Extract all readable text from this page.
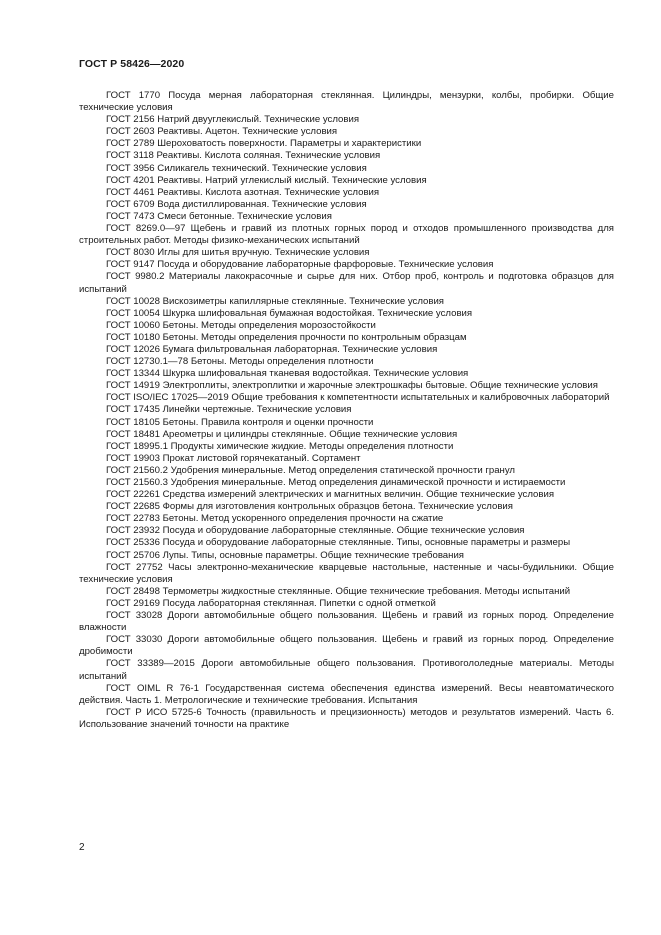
ГОСТ Р 58426—2020

ГОСТ 1770 Посуда мерная лабораторная стеклянная. Цилиндры, мензурки, колбы, пробирки. Общие технические условия

ГОСТ 2156 Натрий двууглекислый. Технические условия

ГОСТ 2603 Реактивы. Ацетон. Технические условия

ГОСТ 2789 Шероховатость поверхности. Параметры и характеристики

ГОСТ 3118 Реактивы. Кислота соляная. Технические условия

ГОСТ 3956 Силикагель технический. Технические условия

ГОСТ 4201 Реактивы. Натрий углекислый кислый. Технические условия

ГОСТ 4461 Реактивы. Кислота азотная. Технические условия

ГОСТ 6709 Вода дистиллированная. Технические условия

ГОСТ 7473 Смеси бетонные. Технические условия

ГОСТ 8269.0—97 Щебень и гравий из плотных горных пород и отходов промышленного производства для строительных работ. Методы физико-механических испытаний

ГОСТ 8030 Иглы для шитья вручную. Технические условия

ГОСТ 9147 Посуда и оборудование лабораторные фарфоровые. Технические условия

ГОСТ 9980.2 Материалы лакокрасочные и сырье для них. Отбор проб, контроль и подготовка образцов для испытаний

ГОСТ 10028 Вискозиметры капиллярные стеклянные. Технические условия

ГОСТ 10054 Шкурка шлифовальная бумажная водостойкая. Технические условия

ГОСТ 10060 Бетоны. Методы определения морозостойкости

ГОСТ 10180 Бетоны. Методы определения прочности по контрольным образцам

ГОСТ 12026 Бумага фильтровальная лабораторная. Технические условия

ГОСТ 12730.1—78 Бетоны. Методы определения плотности

ГОСТ 13344 Шкурка шлифовальная тканевая водостойкая. Технические условия

ГОСТ 14919 Электроплиты, электроплитки и жарочные электрошкафы бытовые. Общие технические условия

ГОСТ ISO/IEC 17025—2019 Общие требования к компетентности испытательных и калибровочных лабораторий

ГОСТ 17435 Линейки чертежные. Технические условия

ГОСТ 18105 Бетоны. Правила контроля и оценки прочности

ГОСТ 18481 Ареометры и цилиндры стеклянные. Общие технические условия

ГОСТ 18995.1 Продукты химические жидкие. Методы определения плотности

ГОСТ 19903 Прокат листовой горячекатаный. Сортамент

ГОСТ 21560.2 Удобрения минеральные. Метод определения статической прочности гранул

ГОСТ 21560.3 Удобрения минеральные. Метод определения динамической прочности и истираемости

ГОСТ 22261 Средства измерений электрических и магнитных величин. Общие технические условия

ГОСТ 22685 Формы для изготовления контрольных образцов бетона. Технические условия

ГОСТ 22783 Бетоны. Метод ускоренного определения прочности на сжатие

ГОСТ 23932 Посуда и оборудование лабораторные стеклянные. Общие технические условия

ГОСТ 25336 Посуда и оборудование лабораторные стеклянные. Типы, основные параметры и размеры

ГОСТ 25706 Лупы. Типы, основные параметры. Общие технические требования

ГОСТ 27752 Часы электронно-механические кварцевые настольные, настенные и часы-будильники. Общие технические условия

ГОСТ 28498 Термометры жидкостные стеклянные. Общие технические требования. Методы испытаний

ГОСТ 29169 Посуда лабораторная стеклянная. Пипетки с одной отметкой

ГОСТ 33028 Дороги автомобильные общего пользования. Щебень и гравий из горных пород. Определение влажности

ГОСТ 33030 Дороги автомобильные общего пользования. Щебень и гравий из горных пород. Определение дробимости

ГОСТ 33389—2015 Дороги автомобильные общего пользования. Противогололедные материалы. Методы испытаний

ГОСТ OIML R 76-1 Государственная система обеспечения единства измерений. Весы неавтоматического действия. Часть 1. Метрологические и технические требования. Испытания

ГОСТ Р ИСО 5725-6 Точность (правильность и прецизионность) методов и результатов измерений. Часть 6. Использование значений точности на практике

2
